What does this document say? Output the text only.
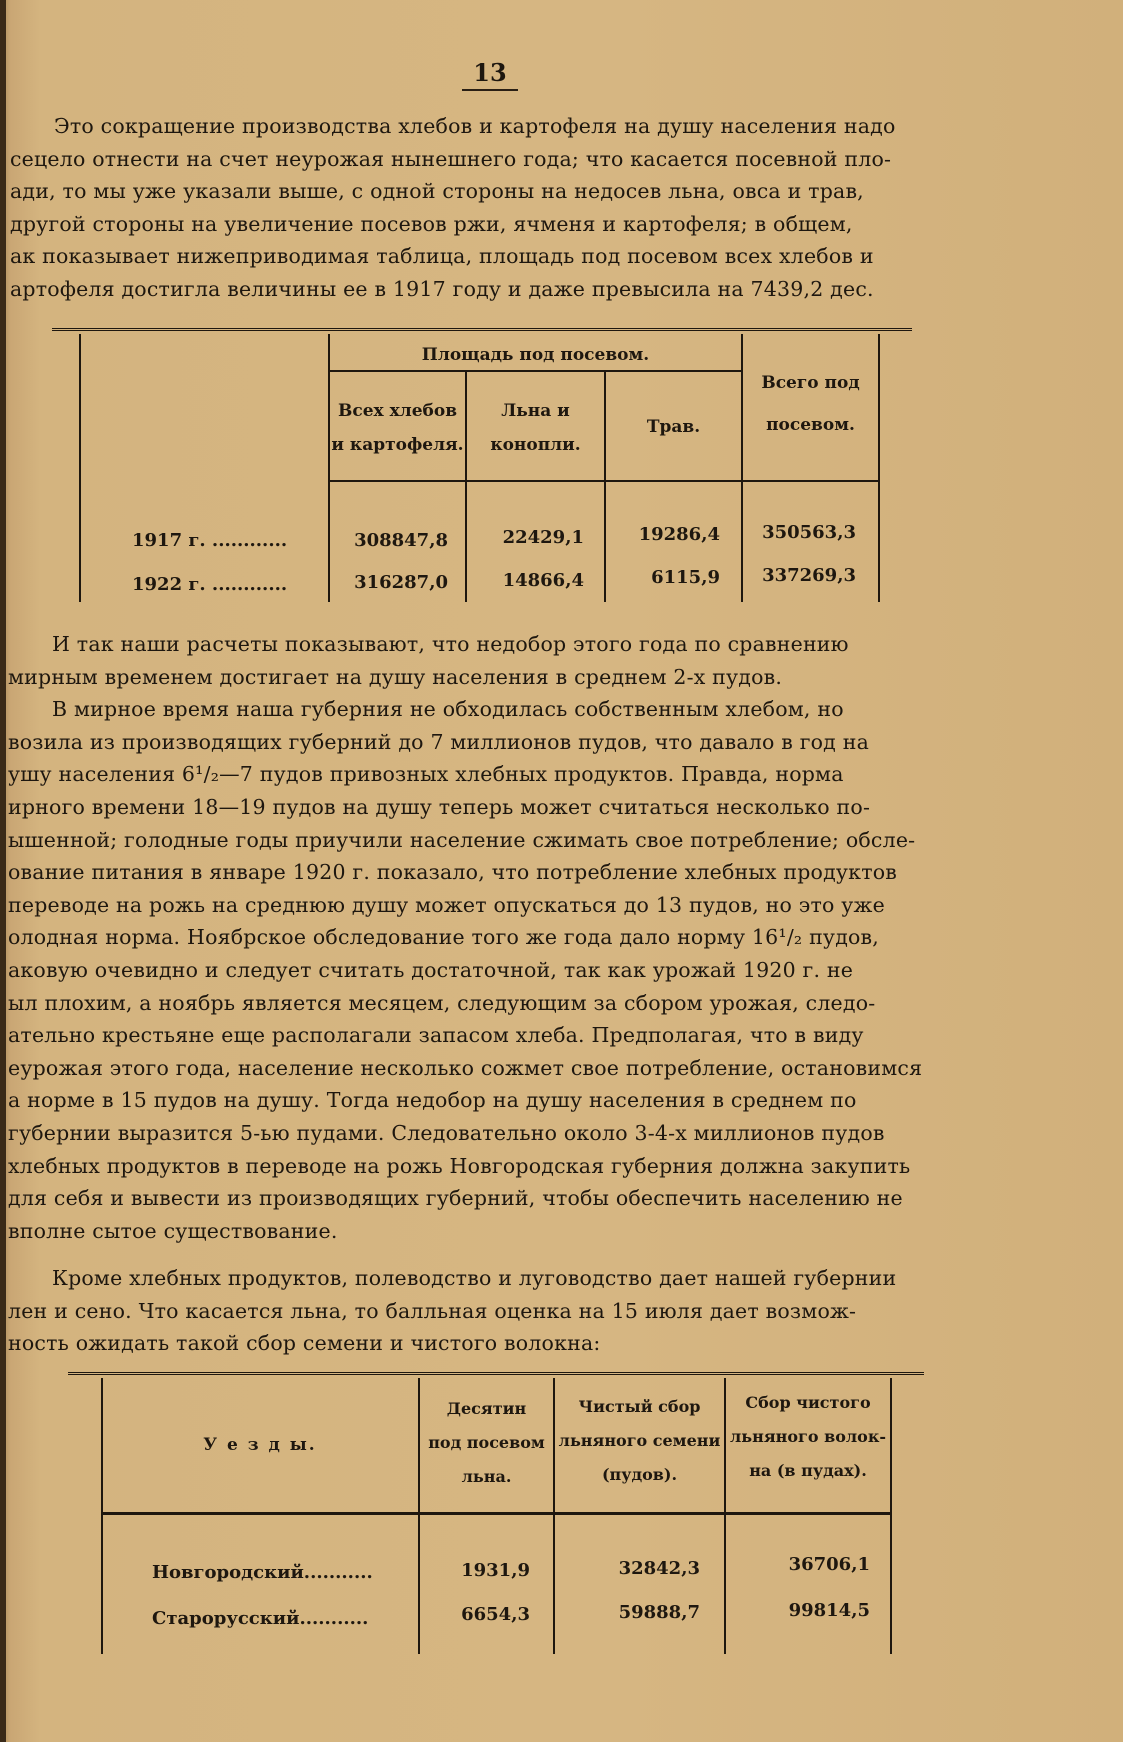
13
Это сокращение производства хлебов и картофеля на душу населения надо
сецело отнести на счет неурожая нынешнего года; что касается посевной пло-
ади, то мы уже указали выше, с одной стороны на недосев льна, овса и трав,
другой стороны на увеличение посевов ржи, ячменя и картофеля; в общем,
ак показывает нижеприводимая таблица, площадь под посевом всех хлебов и
артофеля достигла величины ее в 1917 году и даже превысила на 7439,2 дес.
Площадь под посевом.
Всех хлебов
и картофеля.
Льна и
конопли.
Трав.
Всего под
посевом.
1917 г. ............	308847,8	22429,1	19286,4	350563,3
1922 г. ............	316287,0	14866,4	6115,9	337269,3
И так наши расчеты показывают, что недобор этого года по сравнению
мирным временем достигает на душу населения в среднем 2-х пудов.
В мирное время наша губерния не обходилась собственным хлебом, но
возила из производящих губерний до 7 миллионов пудов, что давало в год на
ушу населения 6¹/₂—7 пудов привозных хлебных продуктов. Правда, норма
ирного времени 18—19 пудов на душу теперь может считаться несколько по-
ышенной; голодные годы приучили население сжимать свое потребление; обсле-
ование питания в январе 1920 г. показало, что потребление хлебных продуктов
переводе на рожь на среднюю душу может опускаться до 13 пудов, но это уже
олодная норма. Ноябрское обследование того же года дало норму 16¹/₂ пудов,
аковую очевидно и следует считать достаточной, так как урожай 1920 г. не
ыл плохим, а ноябрь является месяцем, следующим за сбором урожая, следо-
ательно крестьяне еще располагали запасом хлеба. Предполагая, что в виду
еурожая этого года, население несколько сожмет свое потребление, остановимся
а норме в 15 пудов на душу. Тогда недобор на душу населения в среднем по
губернии выразится 5-ью пудами. Следовательно около 3-4-х миллионов пудов
хлебных продуктов в переводе на рожь Новгородская губерния должна закупить
для себя и вывести из производящих губерний, чтобы обеспечить населению не
вполне сытое существование.
Кроме хлебных продуктов, полеводство и луговодство дает нашей губернии
лен и сено. Что касается льна, то балльная оценка на 15 июля дает возмож-
ность ожидать такой сбор семени и чистого волокна:
У е з д ы.
Десятин
под посевом
льна.
Чистый сбор
льняного семени
(пудов).
Сбор чистого
льняного волок-
на (в пудах).
Новгородский...........	1931,9	32842,3	36706,1
Старорусский...........	6654,3	59888,7	99814,5
